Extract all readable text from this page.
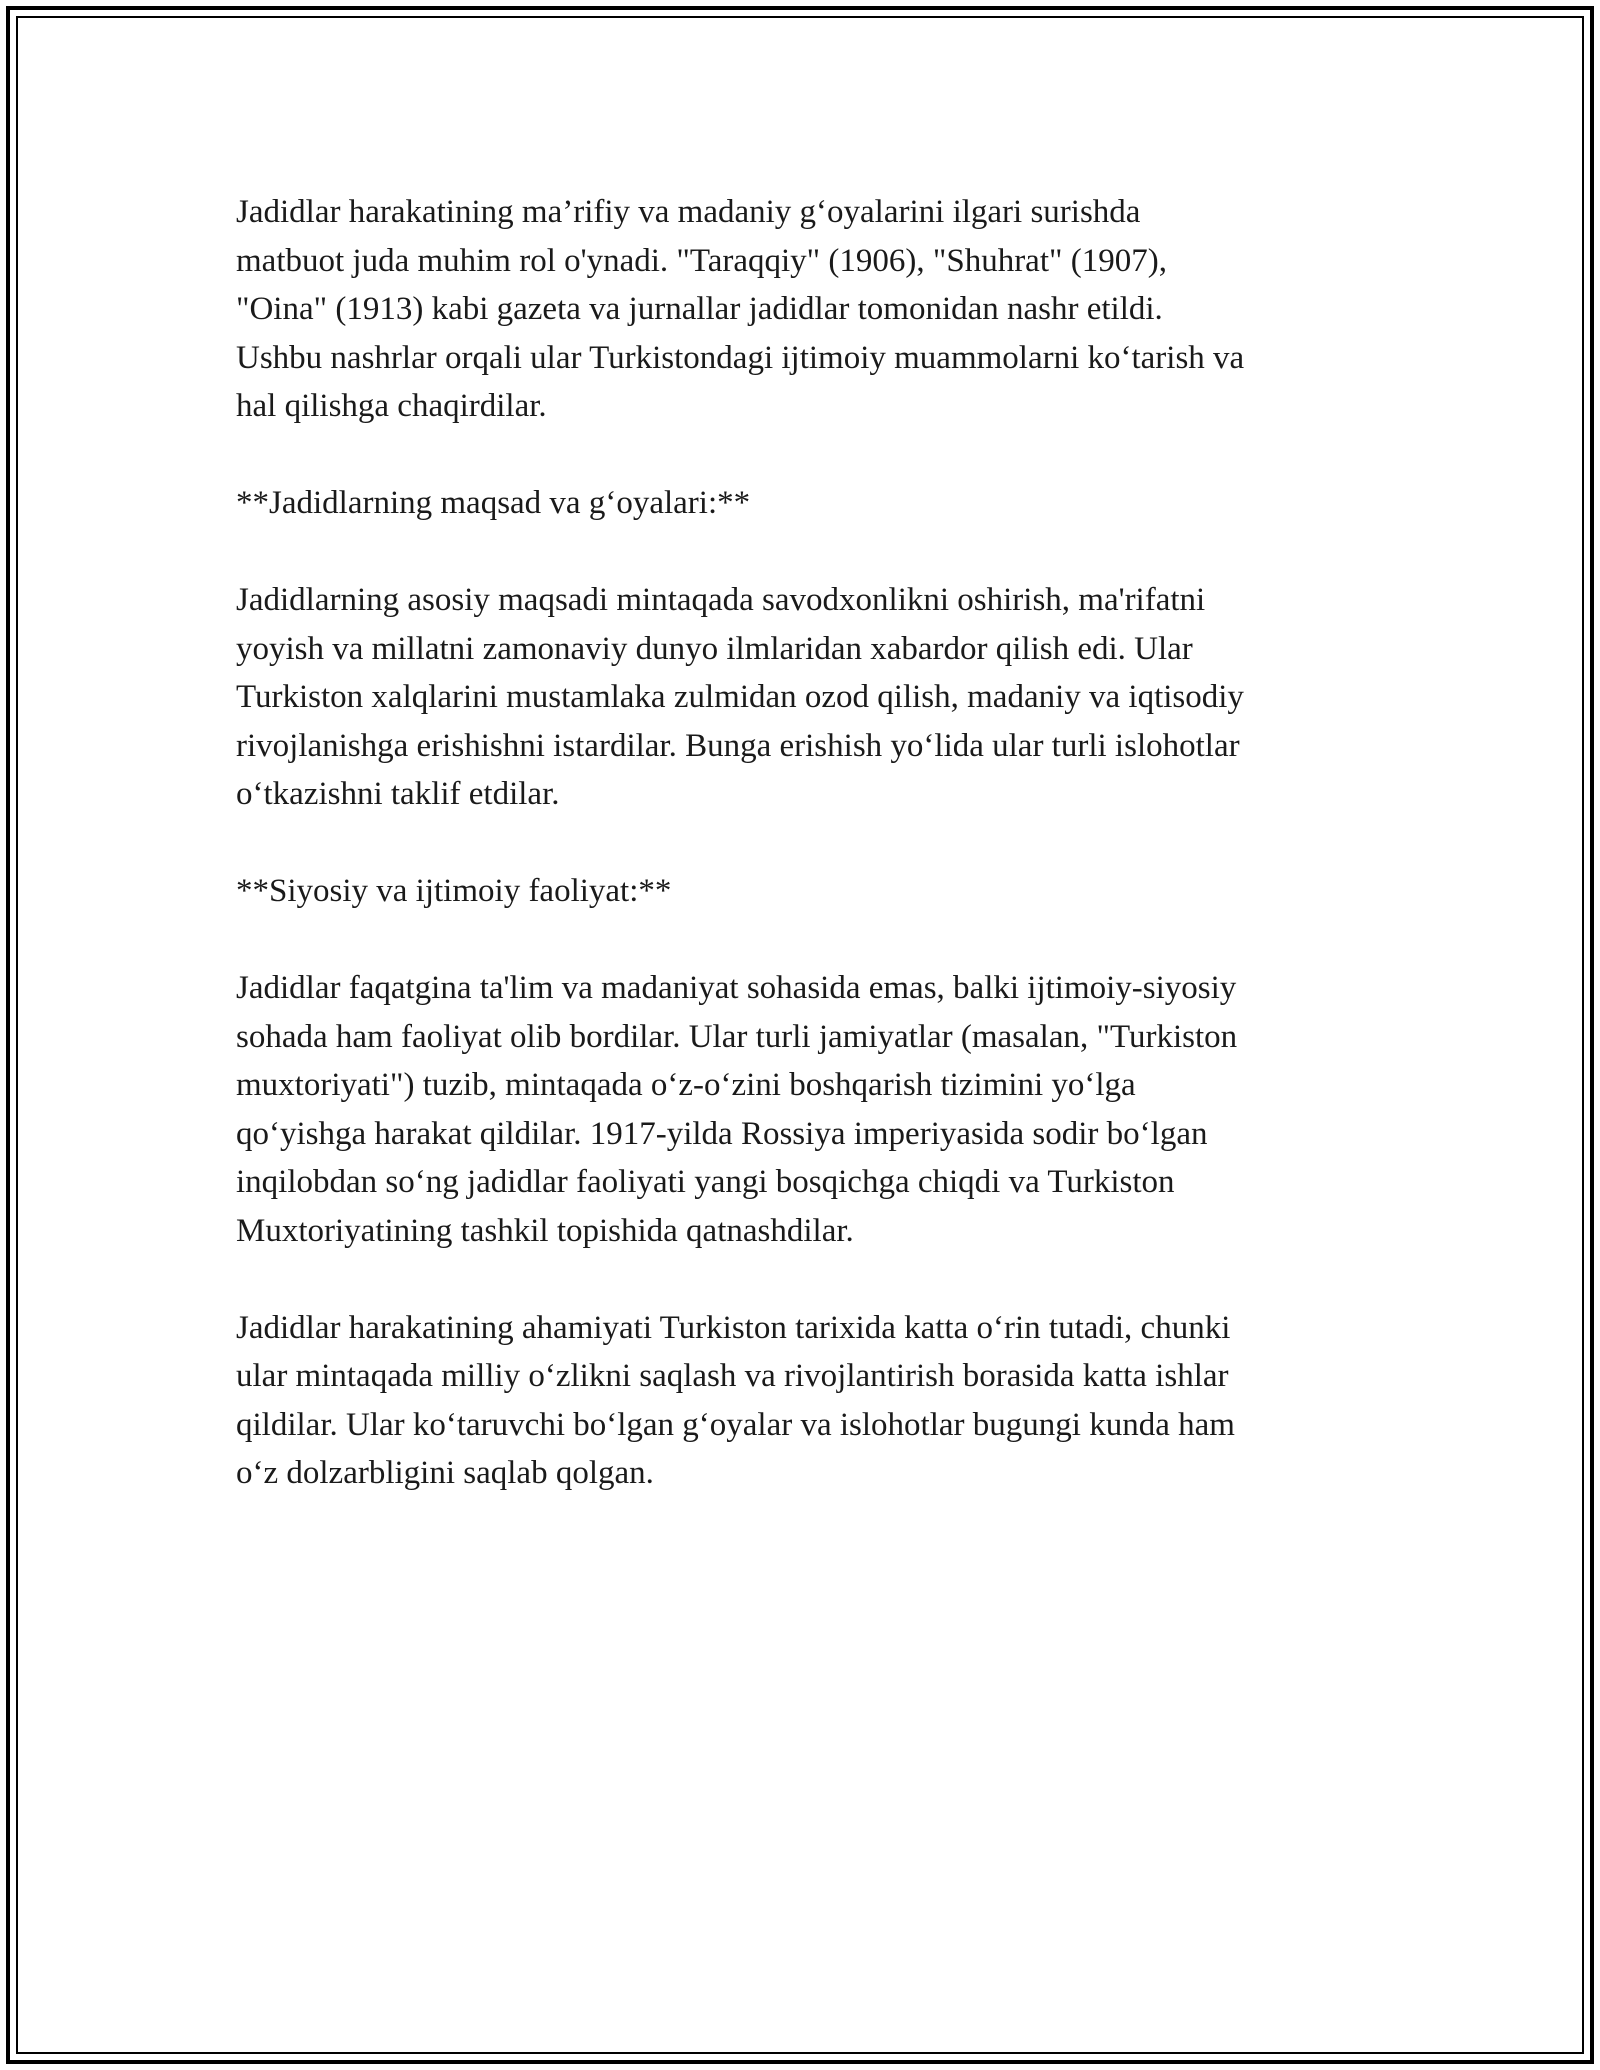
Jadidlar harakatining ma’rifiy va madaniy g‘oyalarini ilgari surishda
matbuot juda muhim rol o'ynadi. "Taraqqiy" (1906), "Shuhrat" (1907),
"Oina" (1913) kabi gazeta va jurnallar jadidlar tomonidan nashr etildi.
Ushbu nashrlar orqali ular Turkistondagi ijtimoiy muammolarni ko‘tarish va
hal qilishga chaqirdilar.

**Jadidlarning maqsad va g‘oyalari:**

Jadidlarning asosiy maqsadi mintaqada savodxonlikni oshirish, ma'rifatni
yoyish va millatni zamonaviy dunyo ilmlaridan xabardor qilish edi. Ular
Turkiston xalqlarini mustamlaka zulmidan ozod qilish, madaniy va iqtisodiy
rivojlanishga erishishni istardilar. Bunga erishish yo‘lida ular turli islohotlar
o‘tkazishni taklif etdilar.

**Siyosiy va ijtimoiy faoliyat:**

Jadidlar faqatgina ta'lim va madaniyat sohasida emas, balki ijtimoiy-siyosiy
sohada ham faoliyat olib bordilar. Ular turli jamiyatlar (masalan, "Turkiston
muxtoriyati") tuzib, mintaqada o‘z-o‘zini boshqarish tizimini yo‘lga
qo‘yishga harakat qildilar. 1917-yilda Rossiya imperiyasida sodir bo‘lgan
inqilobdan so‘ng jadidlar faoliyati yangi bosqichga chiqdi va Turkiston
Muxtoriyatining tashkil topishida qatnashdilar.

Jadidlar harakatining ahamiyati Turkiston tarixida katta o‘rin tutadi, chunki
ular mintaqada milliy o‘zlikni saqlash va rivojlantirish borasida katta ishlar
qildilar. Ular ko‘taruvchi bo‘lgan g‘oyalar va islohotlar bugungi kunda ham
o‘z dolzarbligini saqlab qolgan.
